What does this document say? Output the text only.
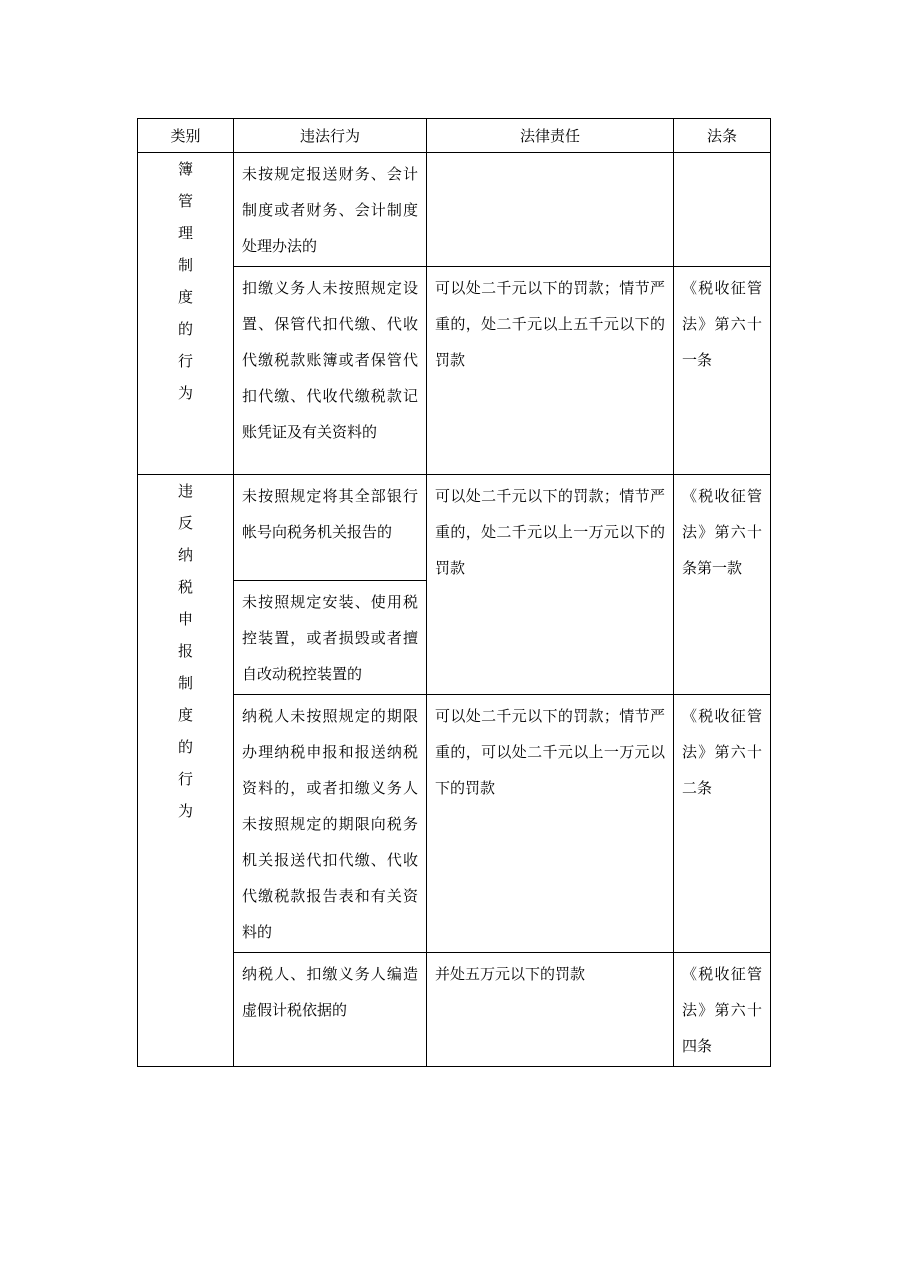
类别	违法行为	法律责任	法条

簿管理制度的行为	未按规定报送财务、会计制度或者财务、会计制度处理办法的		

	扣缴义务人未按照规定设置、保管代扣代缴、代收代缴税款账簿或者保管代扣代缴、代收代缴税款记账凭证及有关资料的	可以处二千元以下的罚款；情节严重的，处二千元以上五千元以下的罚款	《税收征管法》第六十一条

违反纳税申报制度的行为	未按照规定将其全部银行帐号向税务机关报告的	可以处二千元以下的罚款；情节严重的，处二千元以上一万元以下的罚款	《税收征管法》第六十条第一款

	未按照规定安装、使用税控装置，或者损毁或者擅自改动税控装置的		

	纳税人未按照规定的期限办理纳税申报和报送纳税资料的，或者扣缴义务人未按照规定的期限向税务机关报送代扣代缴、代收代缴税款报告表和有关资料的	可以处二千元以下的罚款；情节严重的，可以处二千元以上一万元以下的罚款	《税收征管法》第六十二条

	纳税人、扣缴义务人编造虚假计税依据的	并处五万元以下的罚款	《税收征管法》第六十四条
